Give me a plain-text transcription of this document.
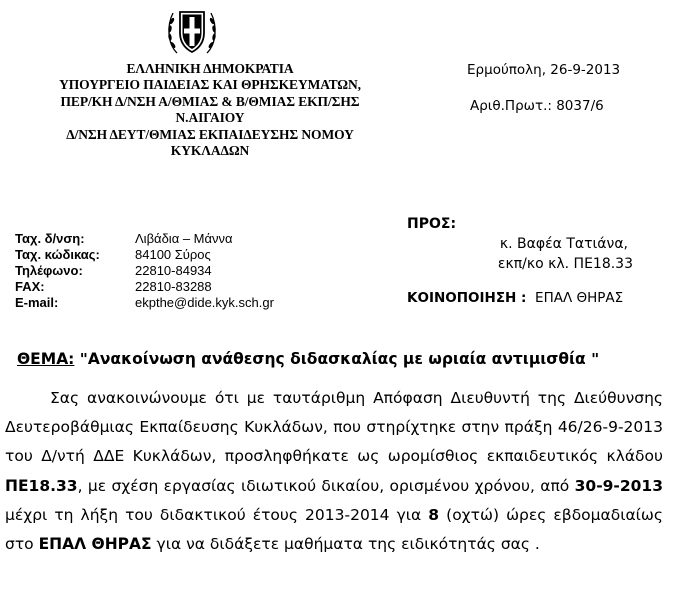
ΕΛΛΗΝΙΚΗ ΔΗΜΟΚΡΑΤΙΑ
ΥΠΟΥΡΓΕΙΟ ΠΑΙΔΕΙΑΣ ΚΑΙ ΘΡΗΣΚΕΥΜΑΤΩΝ,
ΠΕΡ/ΚΗ Δ/ΝΣΗ Α/ΘΜΙΑΣ & Β/ΘΜΙΑΣ ΕΚΠ/ΣΗΣ
Ν.ΑΙΓΑΙΟΥ
Δ/ΝΣΗ ΔΕΥΤ/ΘΜΙΑΣ ΕΚΠΑΙΔΕΥΣΗΣ ΝΟΜΟΥ
ΚΥΚΛΑΔΩΝ
Ερμούπολη, 26-9-2013
Αριθ.Πρωτ.: 8037/6
Ταχ. δ/νση:	Λιβάδια – Μάννα
Ταχ. κώδικας:	84100 Σύρος
Τηλέφωνο:	22810-84934
FAX:	22810-83288
E-mail:	ekpthe@dide.kyk.sch.gr
ΠΡΟΣ:
κ. Βαφέα Τατιάνα,
εκπ/κο κλ. ΠΕ18.33
ΚΟΙΝΟΠΟΙΗΣΗ : ΕΠΑΛ ΘΗΡΑΣ
ΘΕΜΑ: "Ανακοίνωση ανάθεσης διδασκαλίας με ωριαία αντιμισθία "

Σας ανακοινώνουμε ότι με ταυτάριθμη Απόφαση Διευθυντή της Διεύθυνσης Δευτεροβάθμιας Εκπαίδευσης Κυκλάδων, που στηρίχτηκε στην πράξη 46/26-9-2013 του Δ/ντή ΔΔΕ Κυκλάδων, προσληφθήκατε ως ωρομίσθιος εκπαιδευτικός κλάδου ΠΕ18.33, με σχέση εργασίας ιδιωτικού δικαίου, ορισμένου χρόνου, από 30-9-2013 μέχρι τη λήξη του διδακτικού έτους 2013-2014 για 8 (οχτώ) ώρες εβδομαδιαίως στο ΕΠΑΛ ΘΗΡΑΣ για να διδάξετε μαθήματα της ειδικότητάς σας .
